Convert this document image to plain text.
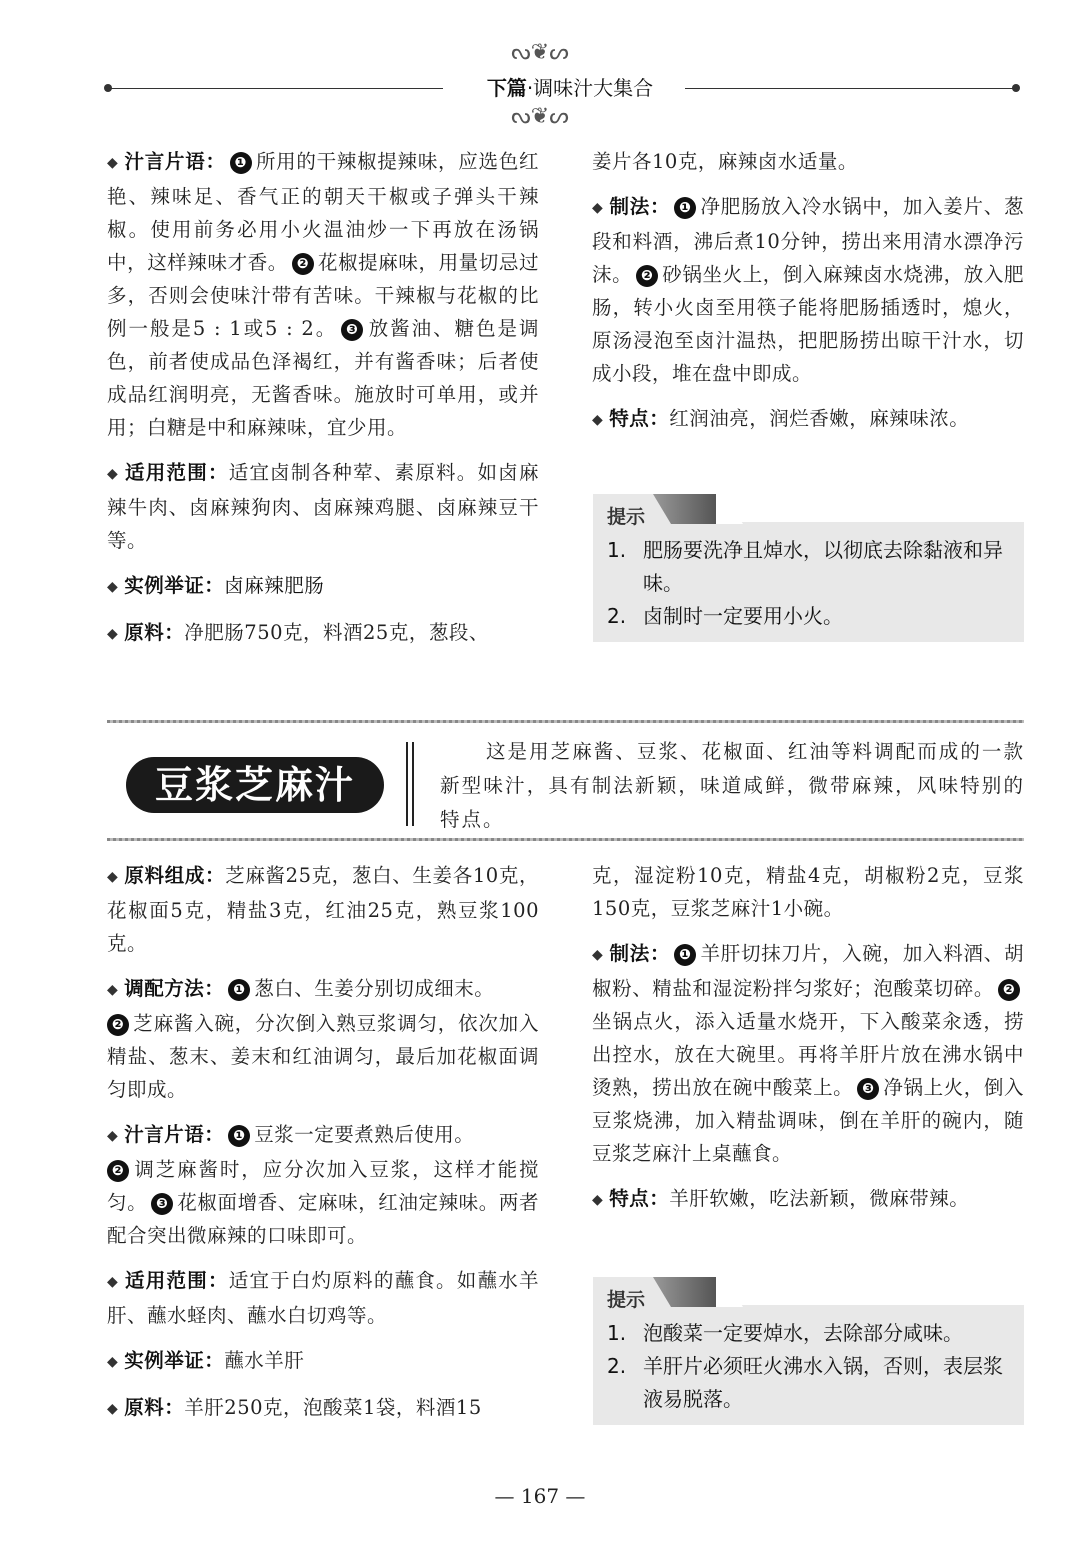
ᔓ❦ᔕ
下篇·调味汁大集合
ᔓ❦ᔕ

◆ 汁言片语： ❶ 所用的干辣椒提辣味，应选色红艳、辣味足、香气正的朝天干椒或子弹头干辣椒。使用前务必用小火温油炒一下再放在汤锅中，这样辣味才香。 ❷ 花椒提麻味，用量切忌过多，否则会使味汁带有苦味。干辣椒与花椒的比例一般是5 : 1或5 : 2。 ❸ 放酱油、糖色是调色，前者使成品色泽褐红，并有酱香味；后者使成品红润明亮，无酱香味。施放时可单用，或并用；白糖是中和麻辣味，宜少用。

◆ 适用范围：适宜卤制各种荤、素原料。如卤麻辣牛肉、卤麻辣狗肉、卤麻辣鸡腿、卤麻辣豆干等。

◆ 实例举证：卤麻辣肥肠

◆ 原料：净肥肠750克，料酒25克，葱段、

姜片各10克，麻辣卤水适量。

◆ 制法： ❶ 净肥肠放入冷水锅中，加入姜片、葱段和料酒，沸后煮10分钟，捞出来用清水漂净污沫。 ❷ 砂锅坐火上，倒入麻辣卤水烧沸，放入肥肠，转小火卤至用筷子能将肥肠插透时，熄火，原汤浸泡至卤汁温热，把肥肠捞出晾干汁水，切成小段，堆在盘中即成。

◆ 特点：红润油亮，润烂香嫩，麻辣味浓。

提示
1. 肥肠要洗净且焯水，以彻底去除黏液和异味。
2. 卤制时一定要用小火。
豆浆芝麻汁
这是用芝麻酱、豆浆、花椒面、红油等料调配而成的一款新型味汁，具有制法新颖，味道咸鲜，微带麻辣，风味特别的特点。

◆ 原料组成：芝麻酱25克，葱白、生姜各10克，花椒面5克，精盐3克，红油25克，熟豆浆100克。

◆ 调配方法： ❶ 葱白、生姜分别切成细末。
❷ 芝麻酱入碗，分次倒入熟豆浆调匀，依次加入精盐、葱末、姜末和红油调匀，最后加花椒面调匀即成。

◆ 汁言片语： ❶ 豆浆一定要煮熟后使用。
❷ 调芝麻酱时，应分次加入豆浆，这样才能搅匀。 ❸ 花椒面增香、定麻味，红油定辣味。两者配合突出微麻辣的口味即可。

◆ 适用范围：适宜于白灼原料的蘸食。如蘸水羊肝、蘸水蛏肉、蘸水白切鸡等。

◆ 实例举证：蘸水羊肝

◆ 原料：羊肝250克，泡酸菜1袋，料酒15

克，湿淀粉10克，精盐4克，胡椒粉2克，豆浆150克，豆浆芝麻汁1小碗。

◆ 制法： ❶ 羊肝切抹刀片，入碗，加入料酒、胡椒粉、精盐和湿淀粉拌匀浆好；泡酸菜切碎。 ❷坐锅点火，添入适量水烧开，下入酸菜汆透，捞出控水，放在大碗里。再将羊肝片放在沸水锅中烫熟，捞出放在碗中酸菜上。 ❸ 净锅上火，倒入豆浆烧沸，加入精盐调味，倒在羊肝的碗内，随豆浆芝麻汁上桌蘸食。

◆ 特点：羊肝软嫩，吃法新颖，微麻带辣。

提示
1. 泡酸菜一定要焯水，去除部分咸味。
2. 羊肝片必须旺火沸水入锅，否则，表层浆液易脱落。
— 167 —
